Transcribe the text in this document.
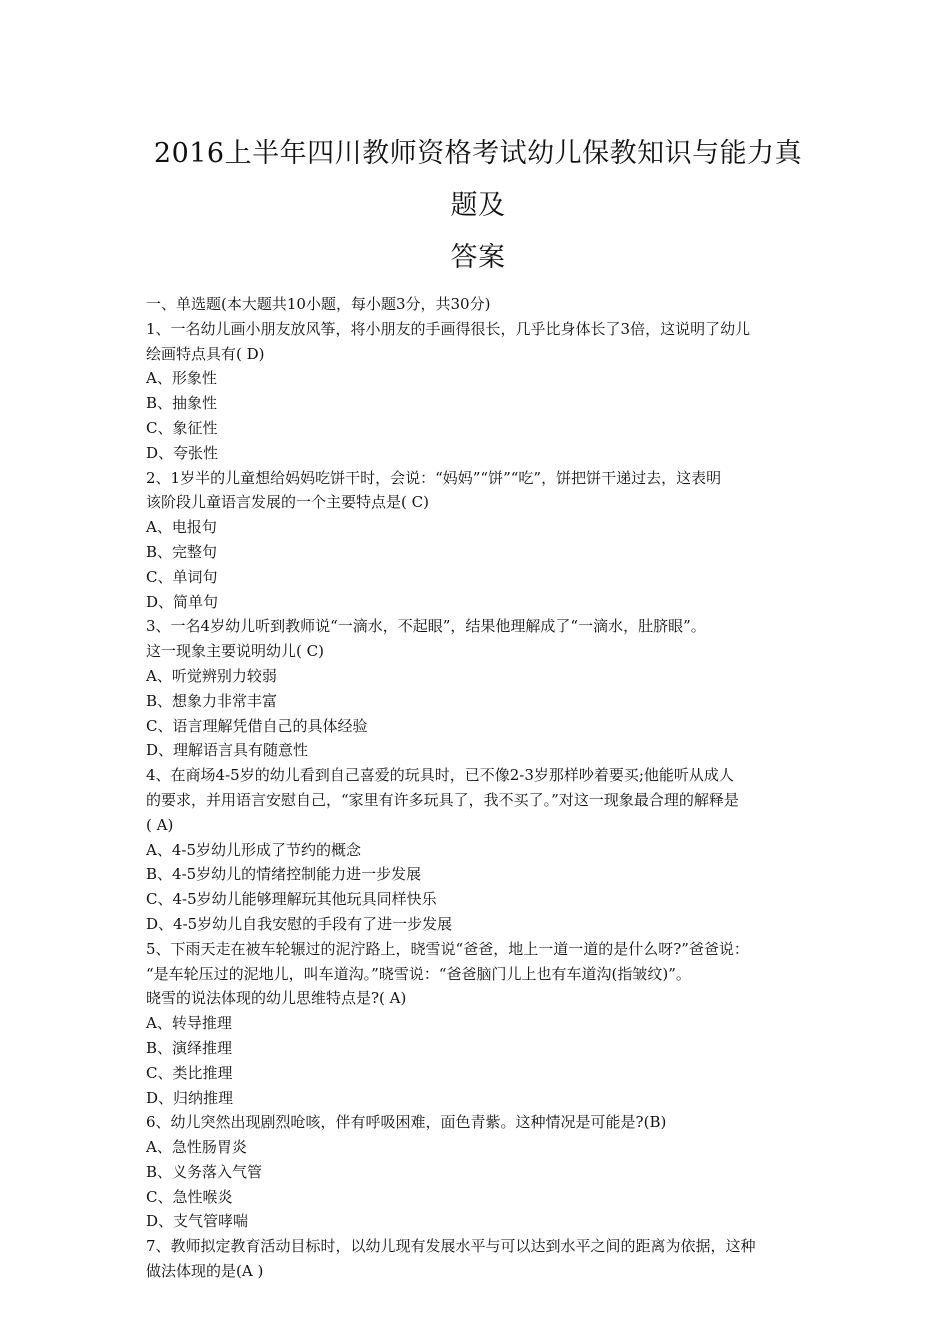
2016上半年四川教师资格考试幼儿保教知识与能力真题及
答案
一、单选题(本大题共10小题，每小题3分，共30分)
1、一名幼儿画小朋友放风筝，将小朋友的手画得很长，几乎比身体长了3倍，这说明了幼儿
绘画特点具有( D)
A、形象性
B、抽象性
C、象征性
D、夸张性
2、1岁半的儿童想给妈妈吃饼干时，会说：“妈妈”“饼”“吃”，饼把饼干递过去，这表明
该阶段儿童语言发展的一个主要特点是( C)
A、电报句
B、完整句
C、单词句
D、简单句
3、一名4岁幼儿听到教师说“一滴水，不起眼”，结果他理解成了“一滴水，肚脐眼”。
这一现象主要说明幼儿( C)
A、听觉辨别力较弱
B、想象力非常丰富
C、语言理解凭借自己的具体经验
D、理解语言具有随意性
4、在商场4-5岁的幼儿看到自己喜爱的玩具时，已不像2-3岁那样吵着要买;他能听从成人
的要求，并用语言安慰自己，“家里有许多玩具了，我不买了。”对这一现象最合理的解释是
( A)
A、4-5岁幼儿形成了节约的概念
B、4-5岁幼儿的情绪控制能力进一步发展
C、4-5岁幼儿能够理解玩其他玩具同样快乐
D、4-5岁幼儿自我安慰的手段有了进一步发展
5、下雨天走在被车轮辗过的泥泞路上，晓雪说“爸爸，地上一道一道的是什么呀?”爸爸说：
“是车轮压过的泥地儿，叫车道沟。”晓雪说：“爸爸脑门儿上也有车道沟(指皱纹)”。
晓雪的说法体现的幼儿思维特点是?( A)
A、转导推理
B、演绎推理
C、类比推理
D、归纳推理
6、幼儿突然出现剧烈呛咳，伴有呼吸困难，面色青紫。这种情况是可能是?(B)
A、急性肠胃炎
B、义务落入气管
C、急性喉炎
D、支气管哮喘
7、教师拟定教育活动目标时，以幼儿现有发展水平与可以达到水平之间的距离为依据，这种
做法体现的是(A )
